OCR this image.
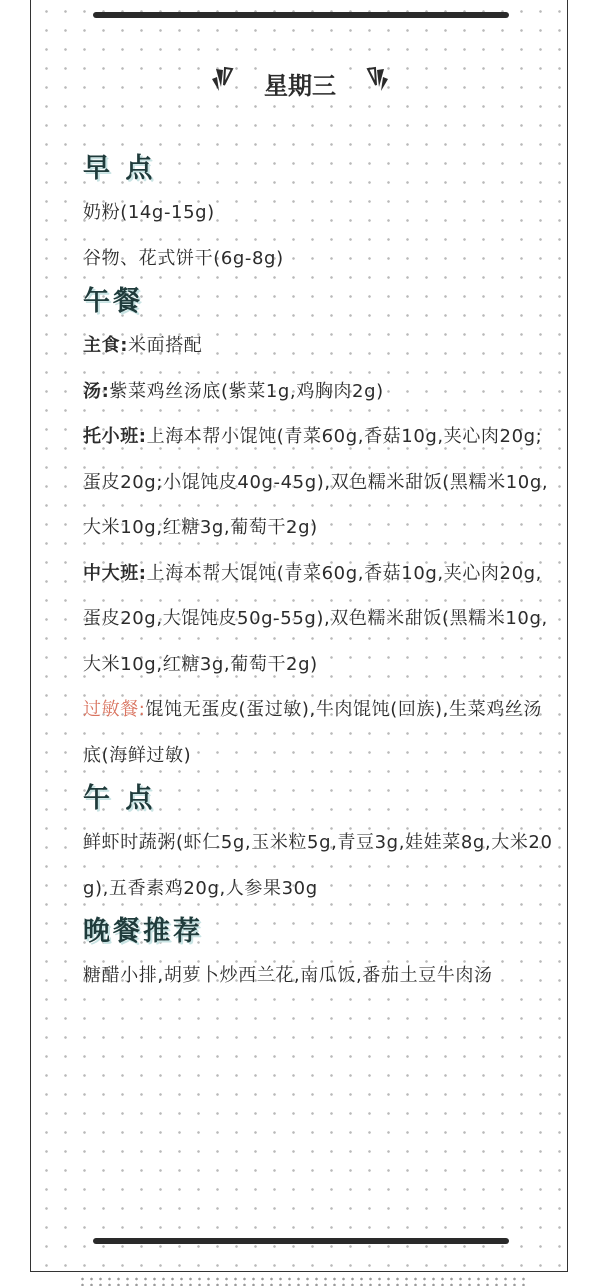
星期三
早 点
奶粉(14g-15g)
谷物、花式饼干(6g-8g)
午餐
主食:米面搭配
汤:紫菜鸡丝汤底(紫菜1g,鸡胸肉2g)
托小班:上海本帮小馄饨(青菜60g,香菇10g,夹心肉20g;蛋皮20g;小馄饨皮40g-45g),双色糯米甜饭(黑糯米10g,大米10g,红糖3g,葡萄干2g)
中大班:上海本帮大馄饨(青菜60g,香菇10g,夹心肉20g,蛋皮20g,大馄饨皮50g-55g),双色糯米甜饭(黑糯米10g,大米10g,红糖3g,葡萄干2g)
过敏餐:馄饨无蛋皮(蛋过敏),牛肉馄饨(回族),生菜鸡丝汤底(海鲜过敏)
午 点
鲜虾时蔬粥(虾仁5g,玉米粒5g,青豆3g,娃娃菜8g,大米20g),五香素鸡20g,人参果30g
晚餐推荐
糖醋小排,胡萝卜炒西兰花,南瓜饭,番茄土豆牛肉汤
